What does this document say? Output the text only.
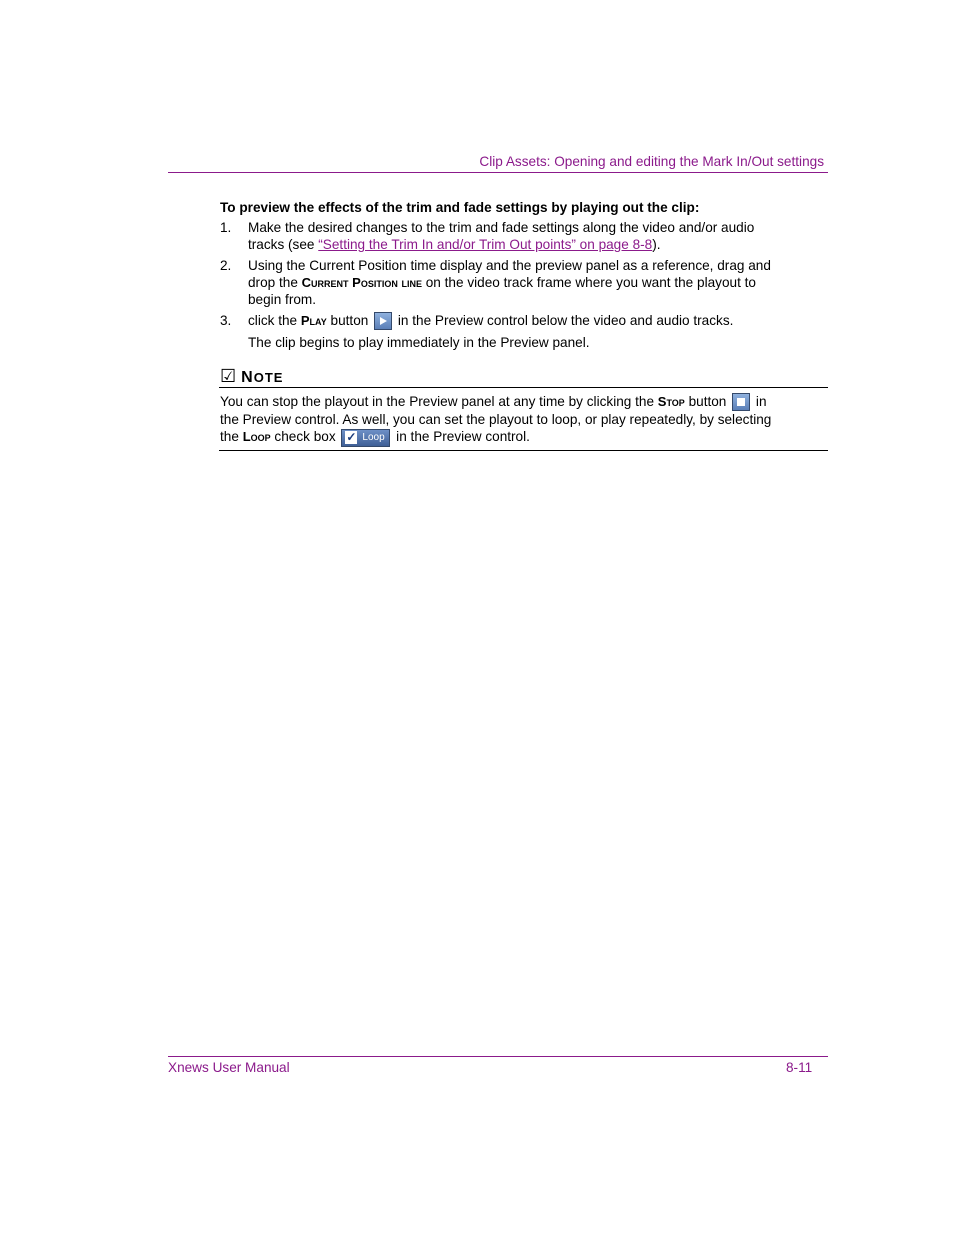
Clip Assets: Opening and editing the Mark In/Out settings
To preview the effects of the trim and fade settings by playing out the clip:
1. Make the desired changes to the trim and fade settings along the video and/or audio tracks (see “Setting the Trim In and/or Trim Out points” on page 8-8).
2. Using the Current Position time display and the preview panel as a reference, drag and drop the Current Position line on the video track frame where you want the playout to begin from.
3. click the Play button
in the Preview control below the video and audio tracks.
The clip begins to play immediately in the Preview panel.
☑ NOTE
You can stop the playout in the Preview panel at any time by clicking the Stop button
in the Preview control. As well, you can set the playout to loop, or play repeatedly, by selecting the Loop check box ✓ Loop in the Preview control.
Xnews User Manual	8-11
